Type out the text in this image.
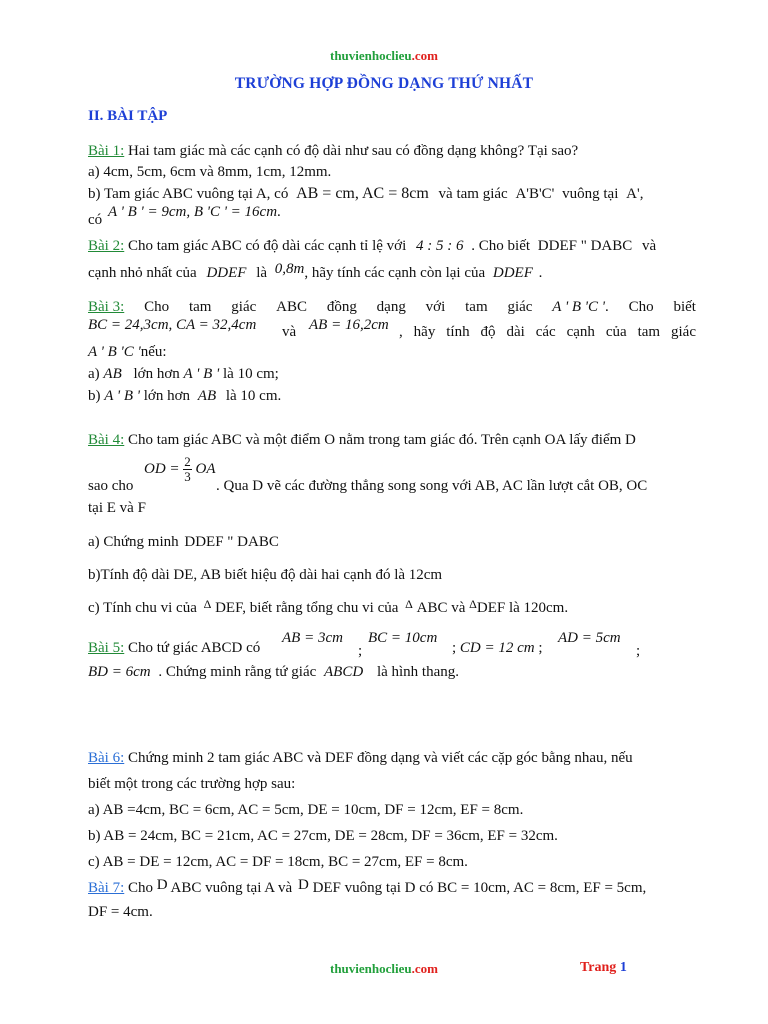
thuvienhoclieu.com
TRƯỜNG HỢP ĐỒNG DẠNG THỨ NHẤT
II. BÀI TẬP
Bài 1: Hai tam giác mà các cạnh có độ dài như sau có đồng dạng không? Tại sao?
a) 4cm, 5cm, 6cm và 8mm, 1cm, 12mm.
b) Tam giác ABC vuông tại A, có AB = cm, AC = 8cm và tam giác A'B'C' vuông tại A',
có A ' B ' = 9cm, B 'C ' = 16cm.
Bài 2: Cho tam giác ABC có độ dài các cạnh tỉ lệ với 4 : 5 : 6 . Cho biết DDEF " DABC và
cạnh nhỏ nhất của DDEF là 0,8m, hãy tính các cạnh còn lại của DDEF .
Bài 3: Cho tam giác ABC đồng dạng với tam giác A ' B 'C '. Cho biết
BC = 24,3cm, CA = 32,4cm và AB = 16,2cm , hãy tính độ dài các cạnh của tam giác
A ' B 'C 'nếu:
a) AB lớn hơn A ' B ' là 10 cm;
b) A ' B ' lớn hơn AB là 10 cm.
Bài 4: Cho tam giác ABC và một điểm O nằm trong tam giác đó. Trên cạnh OA lấy điểm D
sao cho
OD = $\frac{2}{3}$ OA
. Qua D vẽ các đường thẳng song song với AB, AC lần lượt cắt OB, OC
tại E và F
a) Chứng minh DDEF " DABC
b)Tính độ dài DE, AB biết hiệu độ dài hai cạnh đó là 12cm
c) Tính chu vi của $^\Delta$ DEF, biết rằng tổng chu vi của $^\Delta$ ABC và $^\Delta$DEF là 120cm.
Bài 5: Cho tứ giác ABCD có
AB = 3cm
;
BC = 10cm
; CD = 12 cm ;
AD = 5cm
;
BD = 6cm . Chứng minh rằng tứ giác ABCD là hình thang.
Bài 6: Chứng minh 2 tam giác ABC và DEF đồng dạng và viết các cặp góc bằng nhau, nếu
biết một trong các trường hợp sau:
a) AB =4cm, BC = 6cm, AC = 5cm, DE = 10cm, DF = 12cm, EF = 8cm.
b) AB = 24cm, BC = 21cm, AC = 27cm, DE = 28cm, DF = 36cm, EF = 32cm.
c) AB = DE = 12cm, AC = DF = 18cm, BC = 27cm, EF = 8cm.
Bài 7: Cho D ABC vuông tại A và D DEF vuông tại D có BC = 10cm, AC = 8cm, EF = 5cm,
DF = 4cm.
thuvienhoclieu.com	Trang 1
